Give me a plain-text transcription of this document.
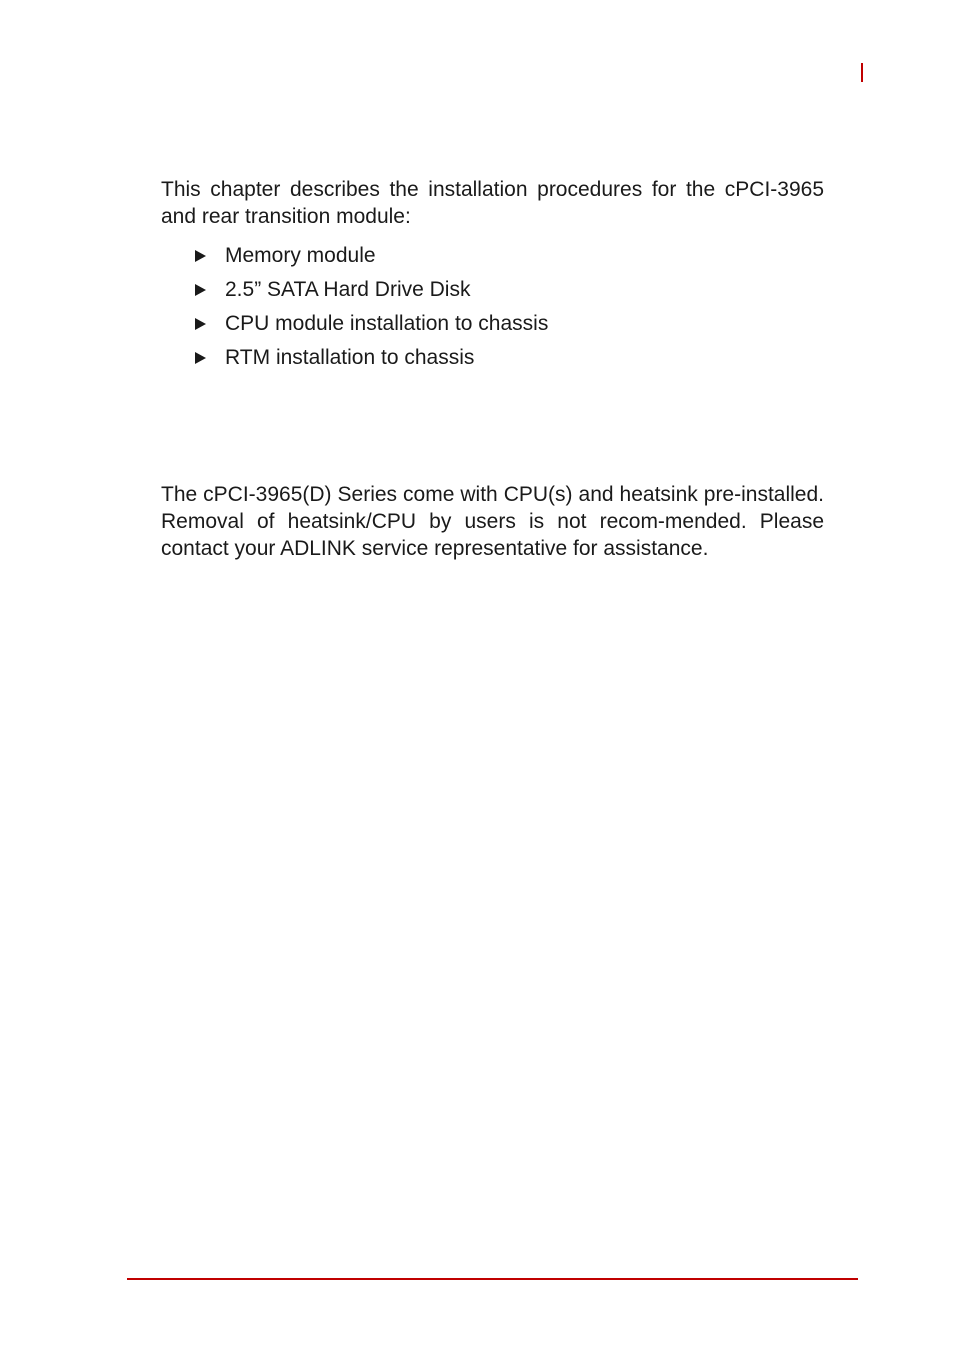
This chapter describes the installation procedures for the cPCI-3965 and rear transition module:

Memory module
2.5” SATA Hard Drive Disk
CPU module installation to chassis
RTM installation to chassis

The cPCI-3965(D) Series come with CPU(s) and heatsink pre-installed. Removal of heatsink/CPU by users is not recom-mended. Please contact your ADLINK service representative for assistance.
